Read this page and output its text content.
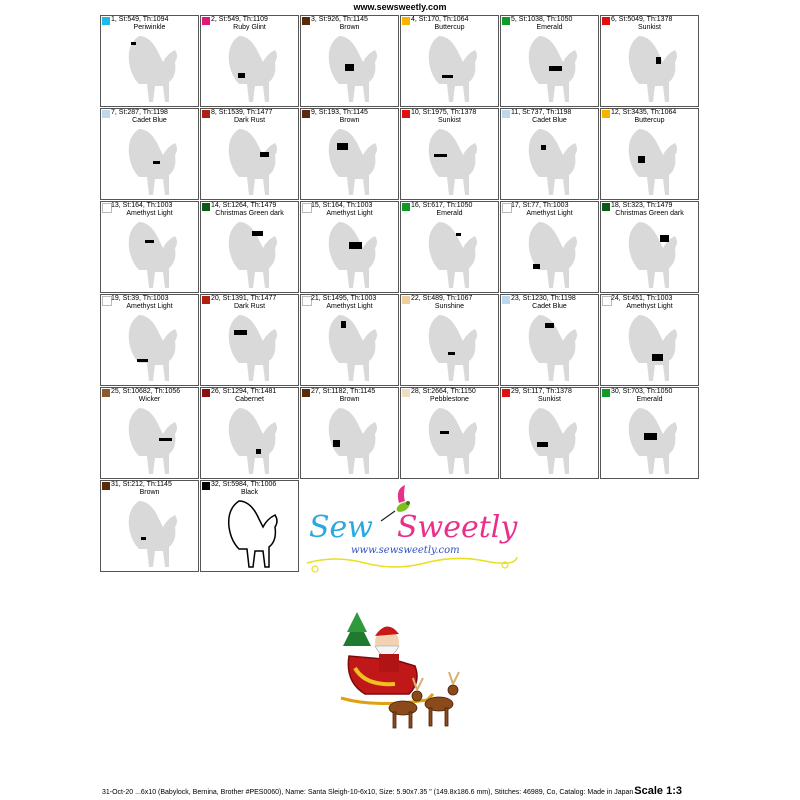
www.sewsweetly.com
1, St:549, Th:1094
Periwinkle
2, St:549, Th:1109
Ruby Glint
3, St:926, Th:1145
Brown
4, St:170, Th:1064
Buttercup
5, St:1038, Th:1050
Emerald
6, St:5049, Th:1378
Sunkist
7, St:287, Th:1198
Cadet Blue
8, St:1539, Th:1477
Dark Rust
9, St:193, Th:1145
Brown
10, St:1975, Th:1378
Sunkist
11, St:737, Th:1198
Cadet Blue
12, St:3435, Th:1064
Buttercup
13, St:164, Th:1003
Amethyst Light
14, St:1264, Th:1479
Christmas Green dark
15, St:164, Th:1003
Amethyst Light
16, St:617, Th:1050
Emerald
17, St:77, Th:1003
Amethyst Light
18, St:323, Th:1479
Christmas Green dark
19, St:39, Th:1003
Amethyst Light
20, St:1391, Th:1477
Dark Rust
21, St:1495, Th:1003
Amethyst Light
22, St:489, Th:1067
Sunshine
23, St:1230, Th:1198
Cadet Blue
24, St:451, Th:1003
Amethyst Light
25, St:10682, Th:1056
Wicker
26, St:1294, Th:1481
Cabernet
27, St:1182, Th:1145
Brown
28, St:2664, Th:1150
Pebblestone
29, St:117, Th:1378
Sunkist
30, St:703, Th:1050
Emerald
31, St:212, Th:1145
Brown
32, St:5984, Th:1006
Black
Sew Sweetly
www.sewsweetly.com
31-Oct-20 ...6x10 (Babylock, Bernina, Brother #PES0060), Name: Santa Sleigh-10-6x10, Size: 5.90x7.35 " (149.8x186.6 mm), Stitches: 46989, Co, Catalog: Made in Japan Scale 1:3
